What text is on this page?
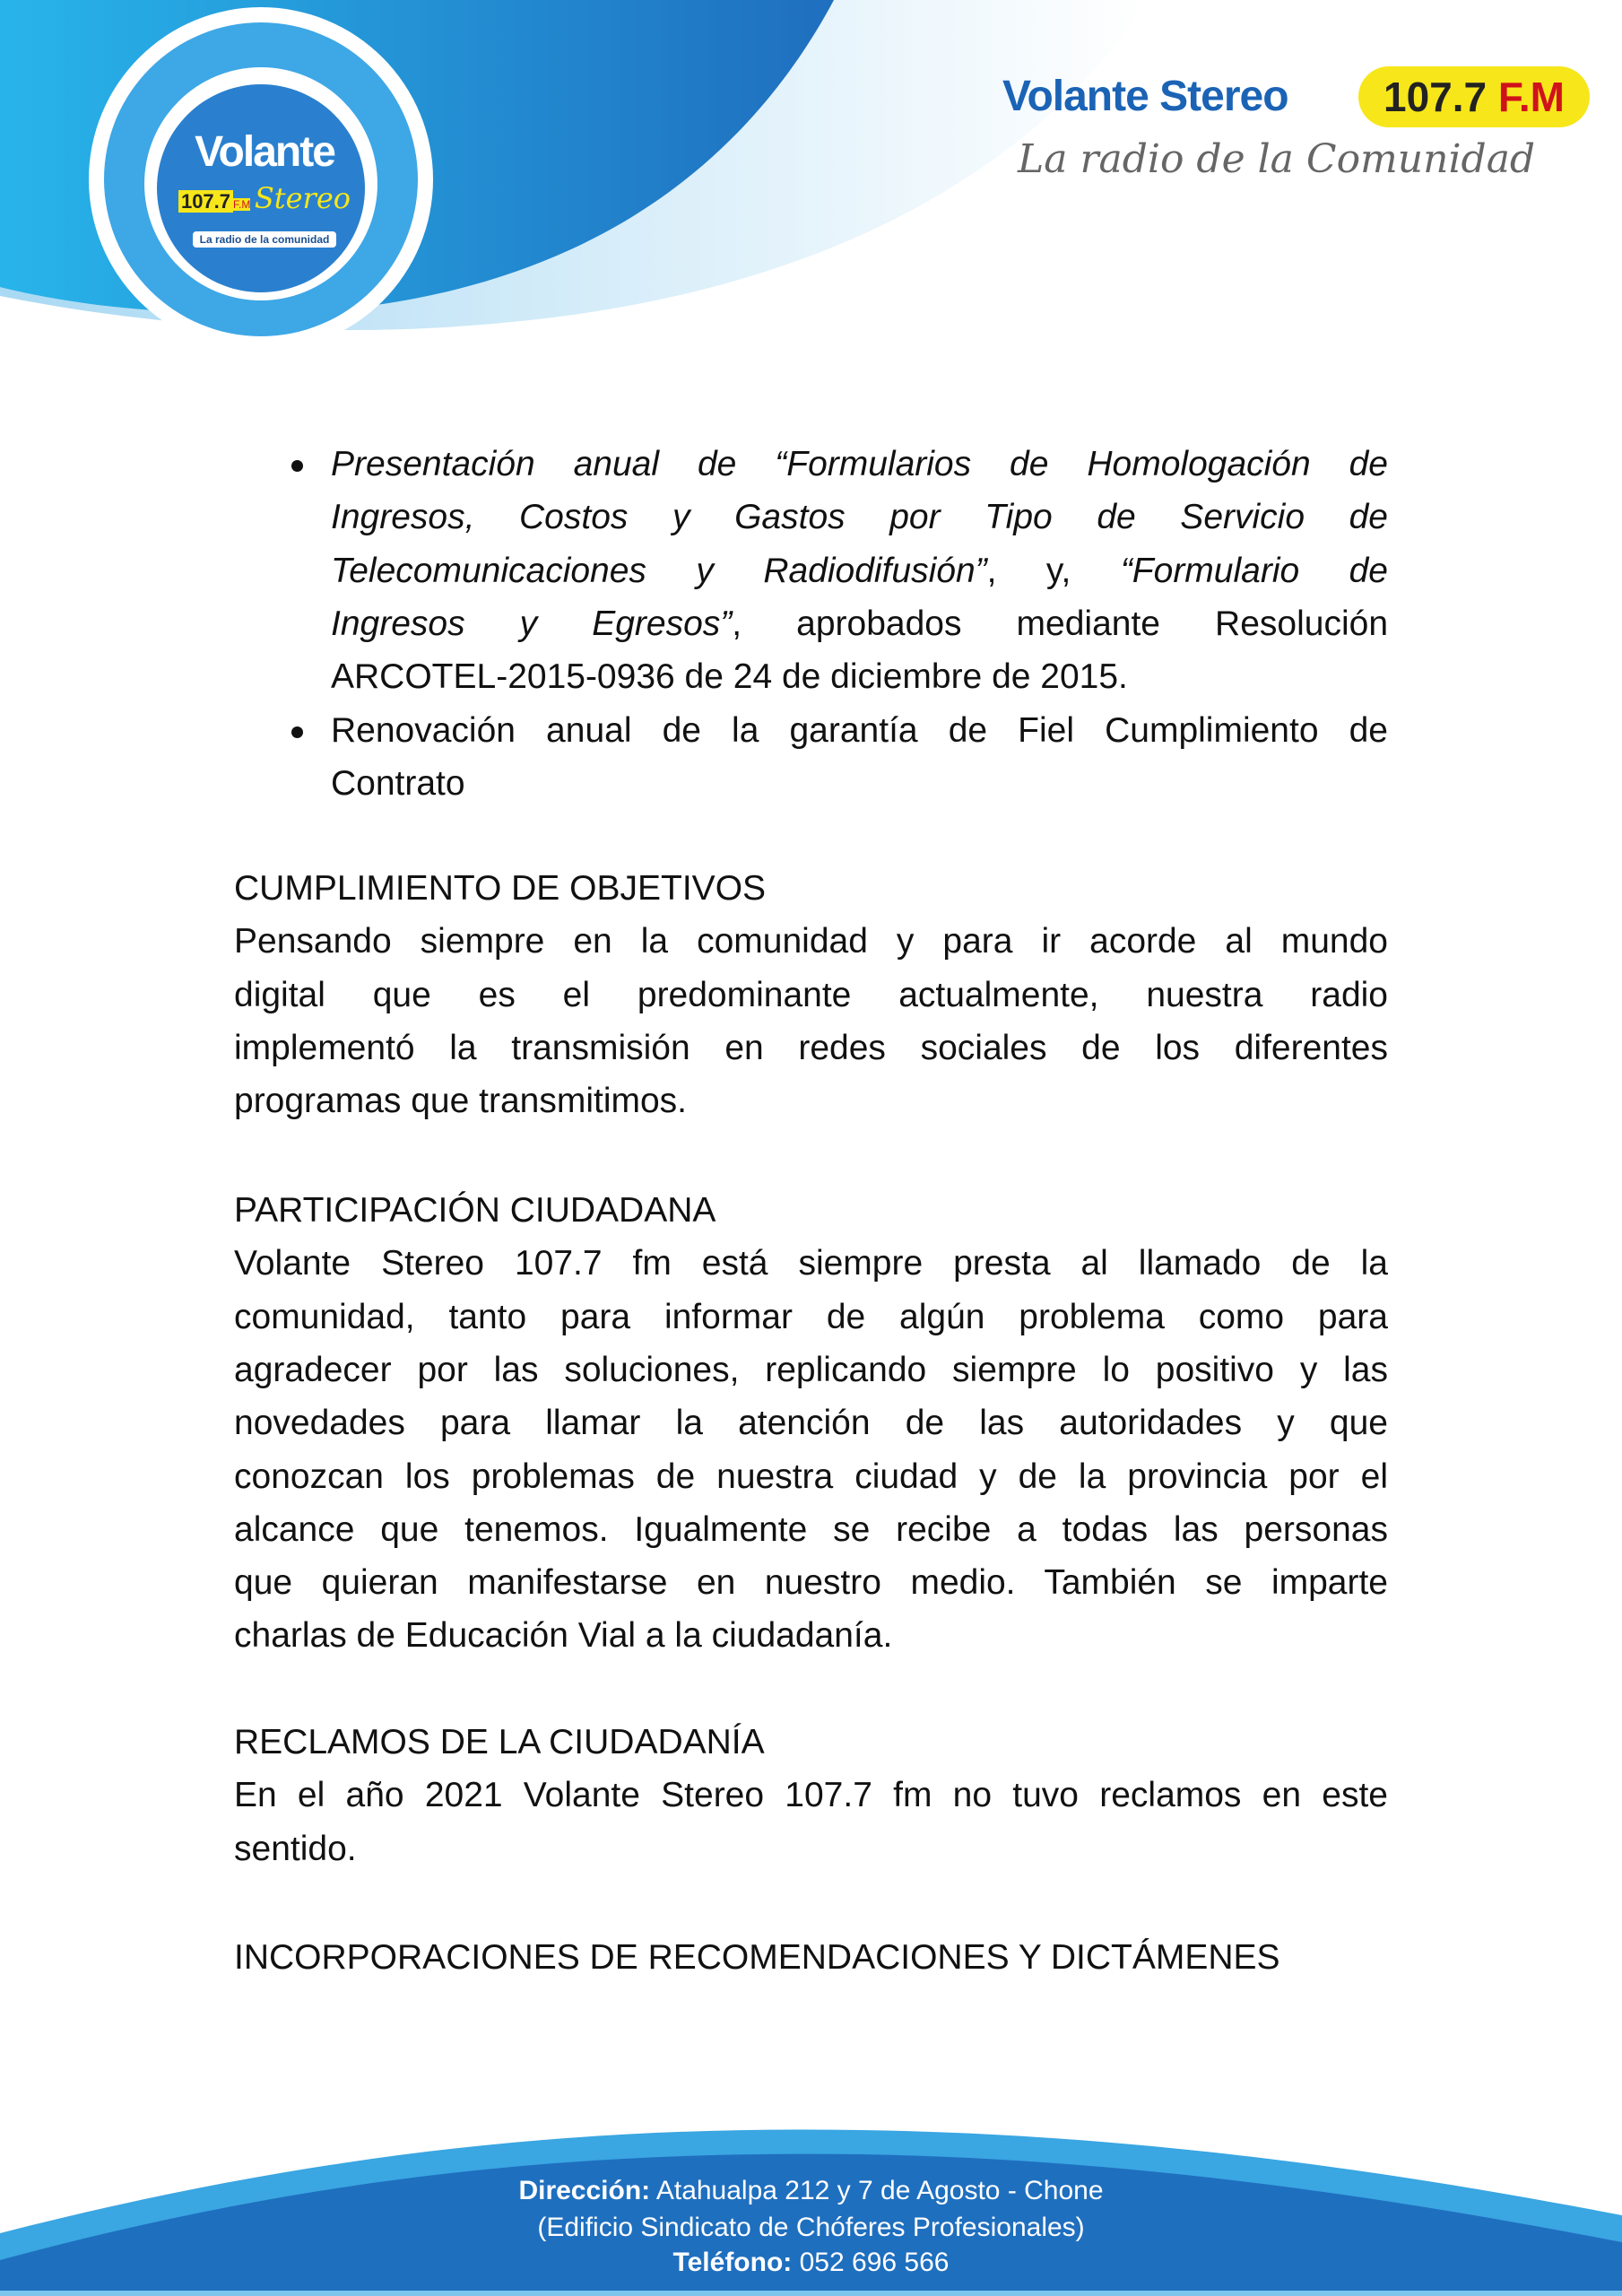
Volante
107.7 F.M Stereo
La radio de la comunidad
Volante Stereo	107.7 F.M
La radio de la Comunidad
Presentación anual de “Formularios de Homologación de
Ingresos, Costos y Gastos por Tipo de Servicio de
Telecomunicaciones y Radiodifusión”, y, “Formulario de
Ingresos y Egresos”, aprobados mediante Resolución
ARCOTEL-2015-0936 de 24 de diciembre de 2015.
Renovación anual de la garantía de Fiel Cumplimiento de
Contrato
CUMPLIMIENTO DE OBJETIVOS
Pensando siempre en la comunidad y para ir acorde al mundo
digital que es el predominante actualmente, nuestra radio
implementó la transmisión en redes sociales de los diferentes
programas que transmitimos.
PARTICIPACIÓN CIUDADANA
Volante Stereo 107.7 fm está siempre presta al llamado de la
comunidad, tanto para informar de algún problema como para
agradecer por las soluciones, replicando siempre lo positivo y las
novedades para llamar la atención de las autoridades y que
conozcan los problemas de nuestra ciudad y de la provincia por el
alcance que tenemos. Igualmente se recibe a todas las personas
que quieran manifestarse en nuestro medio. También se imparte
charlas de Educación Vial a la ciudadanía.
RECLAMOS DE LA CIUDADANÍA
En el año 2021 Volante Stereo 107.7 fm no tuvo reclamos en este
sentido.
INCORPORACIONES DE RECOMENDACIONES Y DICTÁMENES
Dirección: Atahualpa 212 y 7 de Agosto - Chone
(Edificio Sindicato de Chóferes Profesionales)
Teléfono: 052 696 566
